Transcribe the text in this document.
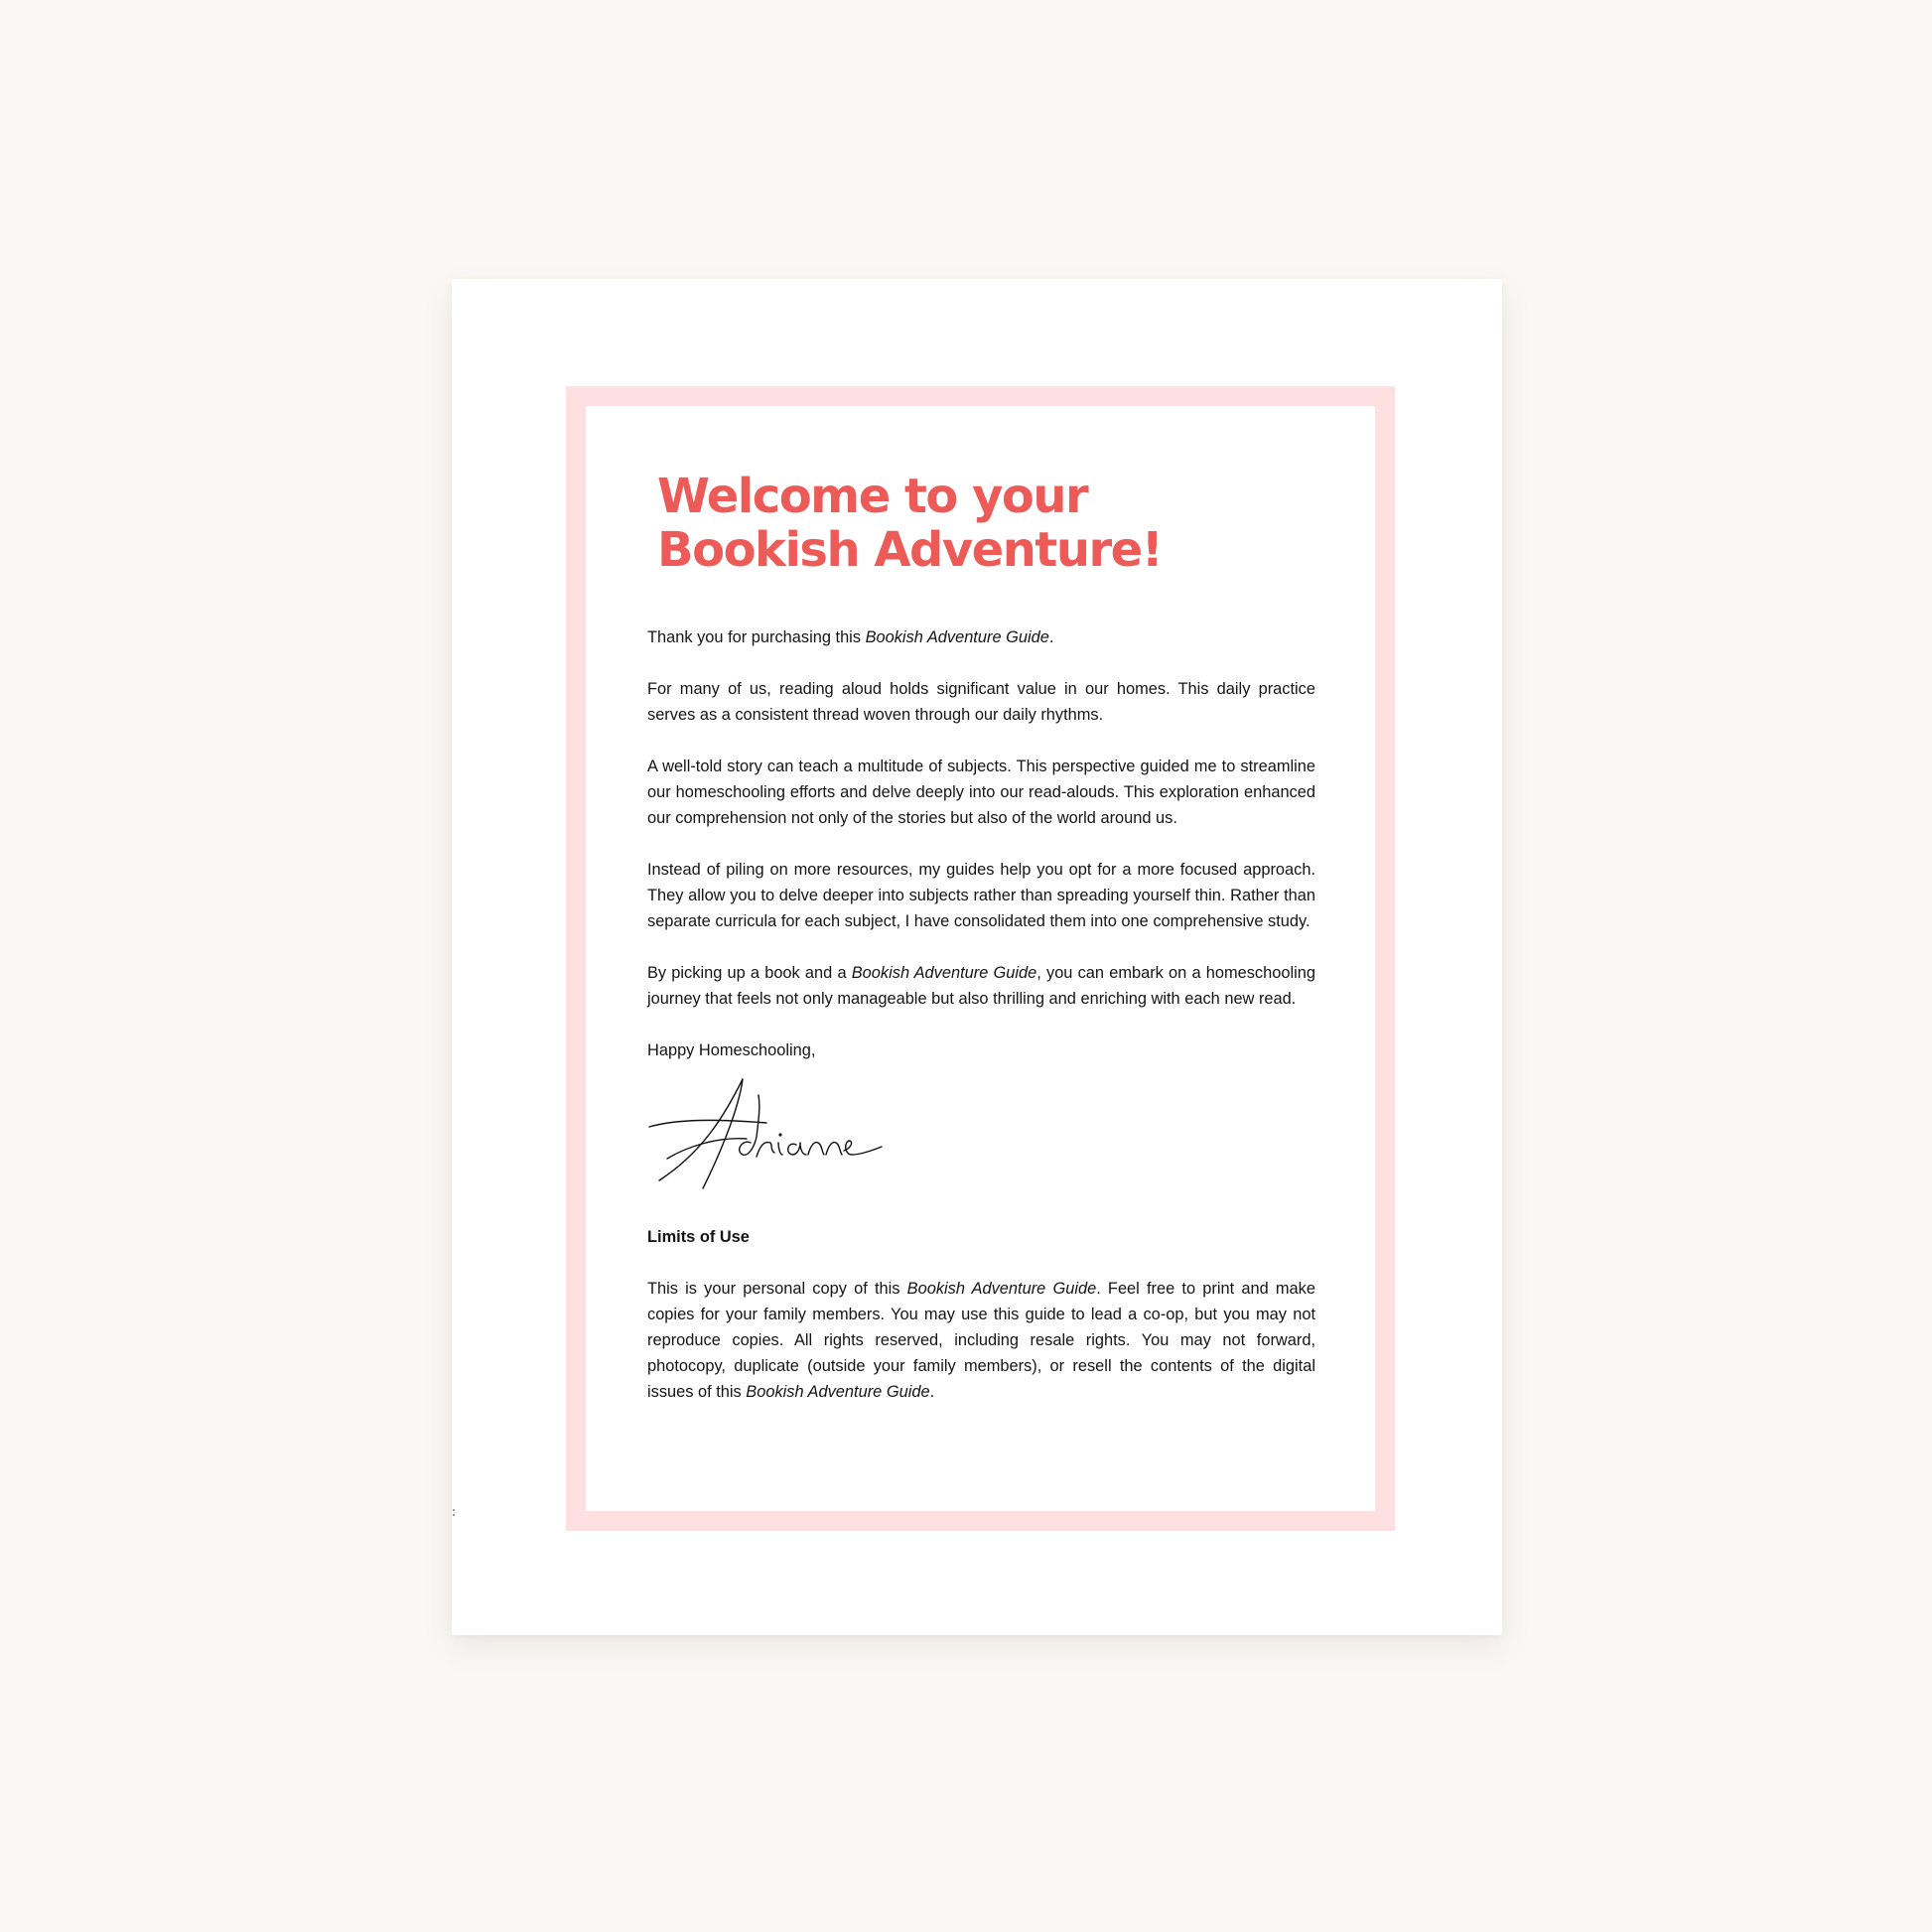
Welcome to your
Bookish Adventure!

Thank you for purchasing this Bookish Adventure Guide.

For many of us, reading aloud holds significant value in our homes. This daily practice serves as a consistent thread woven through our daily rhythms.

A well-told story can teach a multitude of subjects. This perspective guided me to streamline our homeschooling efforts and delve deeply into our read-alouds. This exploration enhanced our comprehension not only of the stories but also of the world around us.

Instead of piling on more resources, my guides help you opt for a more focused approach. They allow you to delve deeper into subjects rather than spreading yourself thin. Rather than separate curricula for each subject, I have consolidated them into one comprehensive study.

By picking up a book and a Bookish Adventure Guide, you can embark on a homeschooling journey that feels not only manageable but also thrilling and enriching with each new read.

Happy Homeschooling,

Limits of Use

This is your personal copy of this Bookish Adventure Guide. Feel free to print and make copies for your family members. You may use this guide to lead a co-op, but you may not reproduce copies. All rights reserved, including resale rights. You may not forward, photocopy, duplicate (outside your family members), or resell the contents of the digital issues of this Bookish Adventure Guide.
